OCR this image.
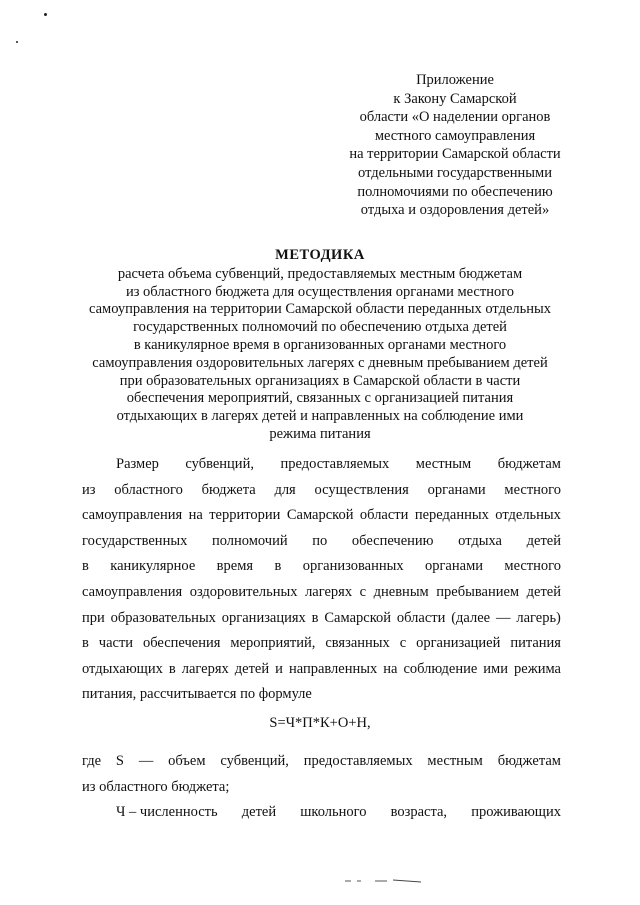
Приложение
к Закону Самарской
области «О наделении органов
местного самоуправления
на территории Самарской области
отдельными государственными
полномочиями по обеспечению
отдыха и оздоровления детей»
МЕТОДИКА
расчета объема субвенций, предоставляемых местным бюджетам
из областного бюджета для осуществления органами местного
самоуправления на территории Самарской области переданных отдельных
государственных полномочий по обеспечению отдыха детей
в каникулярное время в организованных органами местного
самоуправления оздоровительных лагерях с дневным пребыванием детей
при образовательных организациях в Самарской области в части
обеспечения мероприятий, связанных с организацией питания
отдыхающих в лагерях детей и направленных на соблюдение ими
режима питания
Размер субвенций, предоставляемых местным бюджетам
из областного бюджета для осуществления органами местного
самоуправления на территории Самарской области переданных отдельных
государственных полномочий по обеспечению отдыха детей
в каникулярное время в организованных органами местного
самоуправления оздоровительных лагерях с дневным пребыванием детей
при образовательных организациях в Самарской области (далее — лагерь)
в части обеспечения мероприятий, связанных с организацией питания
отдыхающих в лагерях детей и направленных на соблюдение ими режима
питания, рассчитывается по формуле
S=Ч*П*К+О+Н,
где S — объем субвенций, предоставляемых местным бюджетам
из областного бюджета;
Ч – численность детей школьного возраста, проживающих
